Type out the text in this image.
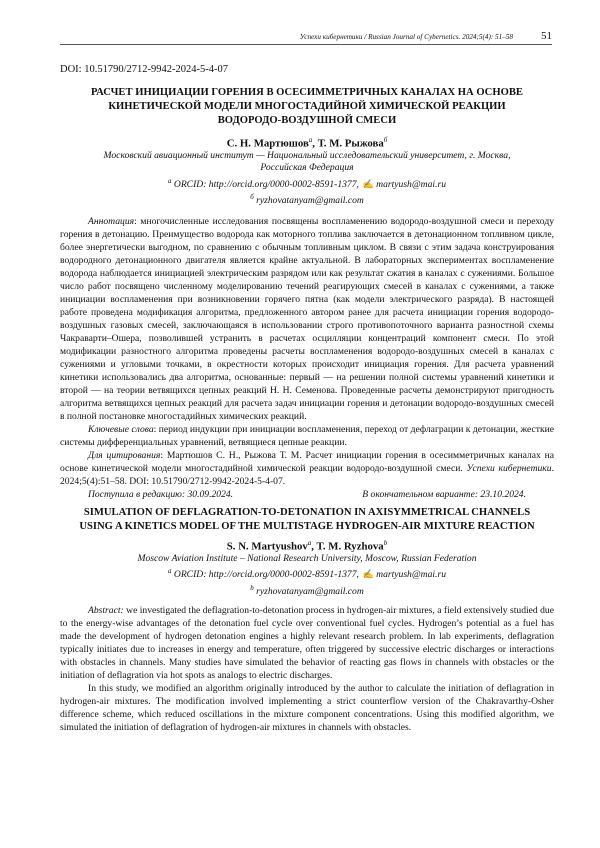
Успехи кибернетики / Russian Journal of Cybernetics. 2024;5(4): 51–58	51
DOI: 10.51790/2712-9942-2024-5-4-07

РАСЧЕТ ИНИЦИАЦИИ ГОРЕНИЯ В ОСЕСИММЕТРИЧНЫХ КАНАЛАХ НА ОСНОВЕ
КИНЕТИЧЕСКОЙ МОДЕЛИ МНОГОСТАДИЙНОЙ ХИМИЧЕСКОЙ РЕАКЦИИ
ВОДОРОДО-ВОЗДУШНОЙ СМЕСИ

С. Н. Мартюшов$^а$, Т. М. Рыжова$^б$
Московский авиационный институт — Национальный исследовательский университет, г. Москва,
Российская Федерация
$^а$ ORCID: http://orcid.org/0000-0002-8591-1377, ✍ martyush@mai.ru
$^б$ ryzhovatanyam@gmail.com

Аннотация: многочисленные исследования посвящены воспламенению водородо-воздушной смеси и переходу горения в детонацию. Преимущество водорода как моторного топлива заключается в детонационном топливном цикле, более энергетически выгодном, по сравнению с обычным топливным циклом. В связи с этим задача конструирования водородного детонационного двигателя является крайне актуальной. В лабораторных экспериментах воспламенение водорода наблюдается инициацией электрическим разрядом или как результат сжатия в каналах с сужениями. Большое число работ посвящено численному моделированию течений реагирующих смесей в каналах с сужениями, а также инициации воспламенения при возникновении горячего пятна (как модели электрического разряда). В настоящей работе проведена модификация алгоритма, предложенного автором ранее для расчета инициации горения водородо-воздушных газовых смесей, заключающаяся в использовании строго противопоточного варианта разностной схемы Чакраварти–Ошера, позволившей устранить в расчетах осцилляции концентраций компонент смеси. По этой модификации разностного алгоритма проведены расчеты воспламенения водородо-воздушных смесей в каналах с сужениями и угловыми точками, в окрестности которых происходит инициация горения. Для расчета уравнений кинетики использовались два алгоритма, основанные: первый — на решении полной системы уравнений кинетики и второй — на теории ветвящихся цепных реакций Н. Н. Семенова. Проведенные расчеты демонстрируют пригодность алгоритма ветвящихся цепных реакций для расчета задач инициации горения и детонации водородо-воздушных смесей в полной постановке многостадийных химических реакций.

Ключевые слова: период индукции при инициации воспламенения, переход от дефлаграции к детонации, жесткие системы дифференциальных уравнений, ветвящиеся цепные реакции.

Для цитирования: Мартюшов С. Н., Рыжова Т. М. Расчет инициации горения в осесимметричных каналах на основе кинетической модели многостадийной химической реакции водородо-воздушной смеси. Успехи кибернетики. 2024;5(4):51–58. DOI: 10.51790/2712-9942-2024-5-4-07.

Поступила в редакцию: 30.09.2024.	В окончательном варианте: 23.10.2024.

SIMULATION OF DEFLAGRATION-TO-DETONATION IN AXISYMMETRICAL CHANNELS
USING A KINETICS MODEL OF THE MULTISTAGE HYDROGEN-AIR MIXTURE REACTION

S. N. Martyushov$^a$, T. M. Ryzhova$^b$
Moscow Aviation Institute – National Research University, Moscow, Russian Federation
$^a$ ORCID: http://orcid.org/0000-0002-8591-1377, ✍ martyush@mai.ru
$^b$ ryzhovatanyam@gmail.com

Abstract: we investigated the deflagration-to-detonation process in hydrogen-air mixtures, a field extensively studied due to the energy-wise advantages of the detonation fuel cycle over conventional fuel cycles. Hydrogen’s potential as a fuel has made the development of hydrogen detonation engines a highly relevant research problem. In lab experiments, deflagration typically initiates due to increases in energy and temperature, often triggered by successive electric discharges or interactions with obstacles in channels. Many studies have simulated the behavior of reacting gas flows in channels with obstacles or the initiation of deflagration via hot spots as analogs to electric discharges.

In this study, we modified an algorithm originally introduced by the author to calculate the initiation of deflagration in hydrogen-air mixtures. The modification involved implementing a strict counterflow version of the Chakravarthy-Osher difference scheme, which reduced oscillations in the mixture component concentrations. Using this modified algorithm, we simulated the initiation of deflagration of hydrogen-air mixtures in channels with obstacles.
